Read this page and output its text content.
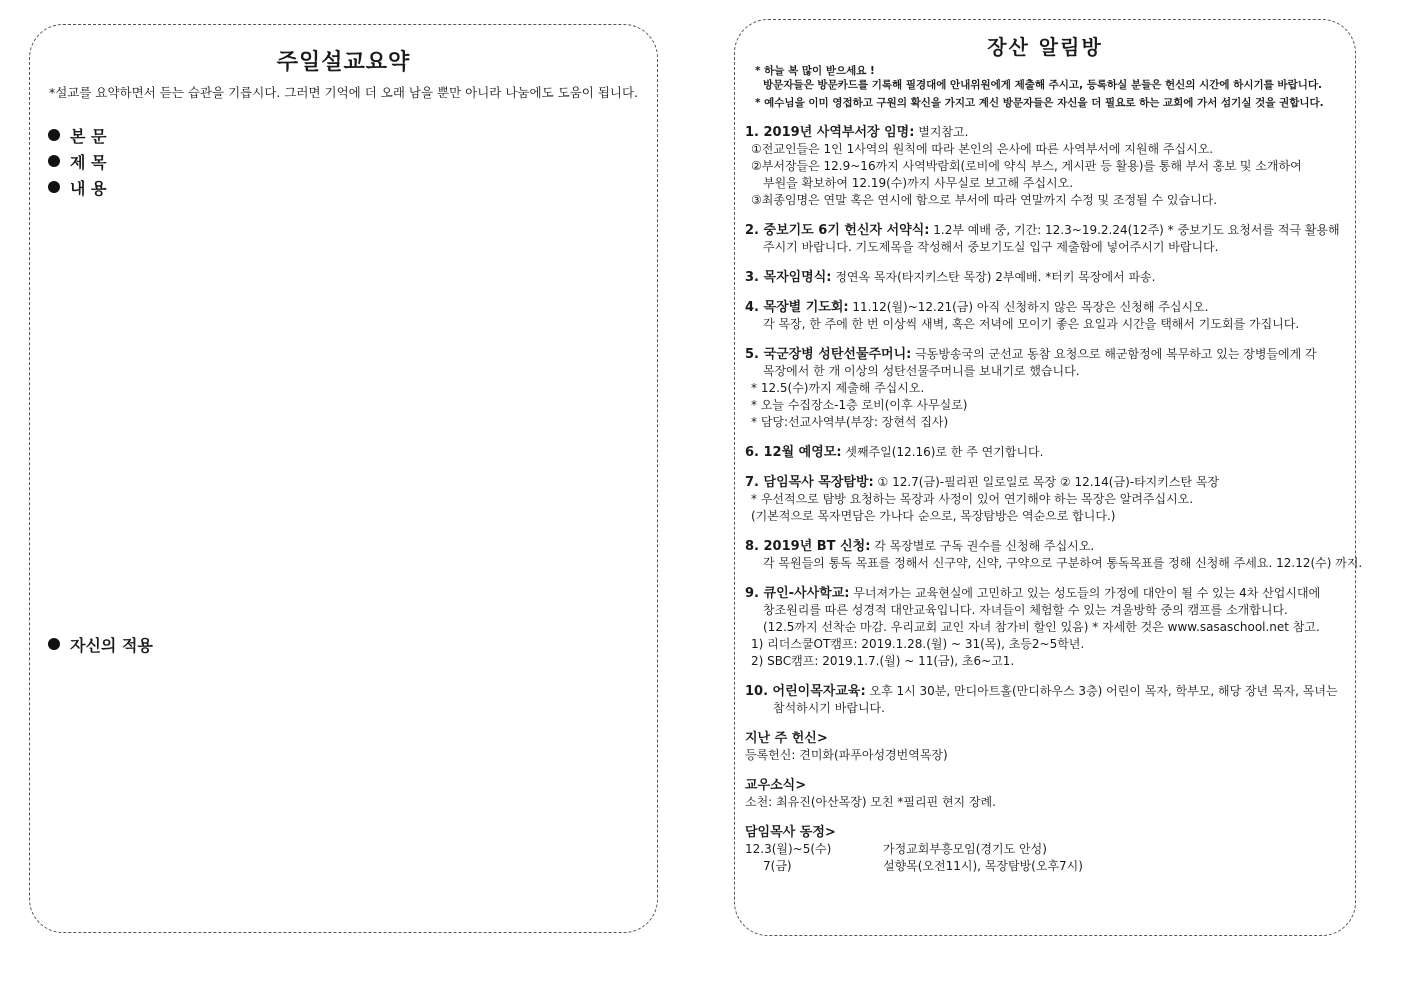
주일설교요약
*설교를 요약하면서 듣는 습관을 기릅시다. 그러면 기억에 더 오래 남을 뿐만 아니라 나눔에도 도움이 됩니다.
본 문
제 목
내 용
자신의 적용
장산 알림방
* 하늘 복 많이 받으세요 !
방문자들은 방문카드를 기록해 필경대에 안내위원에게 제출해 주시고, 등록하실 분들은 헌신의 시간에 하시기를 바랍니다.
* 예수님을 이미 영접하고 구원의 확신을 가지고 계신 방문자들은 자신을 더 필요로 하는 교회에 가서 섬기실 것을 권합니다.
1. 2019년 사역부서장 임명: 별지참고.
①전교인들은 1인 1사역의 원칙에 따라 본인의 은사에 따른 사역부서에 지원해 주십시오.
②부서장들은 12.9~16까지 사역박람회(로비에 약식 부스, 게시판 등 활용)를 통해 부서 홍보 및 소개하여
부원을 확보하여 12.19(수)까지 사무실로 보고해 주십시오.
③최종임명은 연말 혹은 연시에 함으로 부서에 따라 연말까지 수정 및 조정될 수 있습니다.
2. 중보기도 6기 헌신자 서약식: 1.2부 예배 중, 기간: 12.3~19.2.24(12주) * 중보기도 요청서를 적극 활용해
주시기 바랍니다. 기도제목을 작성해서 중보기도실 입구 제출함에 넣어주시기 바랍니다.
3. 목자임명식: 정연옥 목자(타지키스탄 목장) 2부예배. *터키 목장에서 파송.
4. 목장별 기도회: 11.12(월)~12.21(금) 아직 신청하지 않은 목장은 신청해 주십시오.
각 목장, 한 주에 한 번 이상씩 새벽, 혹은 저녁에 모이기 좋은 요일과 시간을 택해서 기도회를 가집니다.
5. 국군장병 성탄선물주머니: 극동방송국의 군선교 동참 요청으로 해군함정에 복무하고 있는 장병들에게 각
목장에서 한 개 이상의 성탄선물주머니를 보내기로 했습니다.
* 12.5(수)까지 제출해 주십시오.
* 오늘 수집장소-1층 로비(이후 사무실로)
* 담당:선교사역부(부장: 장현석 집사)
6. 12월 예영모: 셋째주일(12.16)로 한 주 연기합니다.
7. 담임목사 목장탐방: ① 12.7(금)-필리핀 일로일로 목장 ② 12.14(금)-타지키스탄 목장
* 우선적으로 탐방 요청하는 목장과 사정이 있어 연기해야 하는 목장은 알려주십시오.
(기본적으로 목자면담은 가나다 순으로, 목장탐방은 역순으로 합니다.)
8. 2019년 BT 신청: 각 목장별로 구독 권수를 신청해 주십시오.
각 목원들의 통독 목표를 정해서 신구약, 신약, 구약으로 구분하여 통독목표를 정해 신청해 주세요. 12.12(수) 까지.
9. 큐인-사사학교: 무너져가는 교육현실에 고민하고 있는 성도들의 가정에 대안이 될 수 있는 4차 산업시대에
창조원리를 따른 성경적 대안교육입니다. 자녀들이 체험할 수 있는 겨울방학 중의 캠프를 소개합니다.
(12.5까지 선착순 마감. 우리교회 교인 자녀 참가비 할인 있음) * 자세한 것은 www.sasaschool.net 참고.
1) 리더스쿨OT캠프: 2019.1.28.(월) ~ 31(목), 초등2~5학년.
2) SBC캠프: 2019.1.7.(월) ~ 11(금), 초6~고1.
10. 어린이목자교육: 오후 1시 30분, 만디아트홀(만디하우스 3층) 어린이 목자, 학부모, 해당 장년 목자, 목녀는
참석하시기 바랍니다.
지난 주 헌신>
등록헌신: 견미화(파푸아성경번역목장)
교우소식>
소천: 최유진(아산목장) 모친 *필리핀 현지 장례.
담임목사 동정>
12.3(월)~5(수)	가정교회부흥모임(경기도 안성)
7(금)	설향목(오전11시), 목장탐방(오후7시)
